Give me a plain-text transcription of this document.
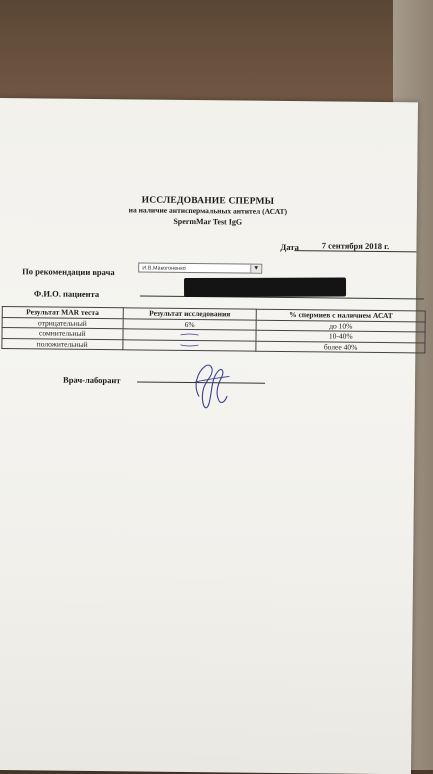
ИССЛЕДОВАНИЕ СПЕРМЫ
на наличие антиспермальных антител (АСАТ)
SpermMar Test IgG
Дата	7 сентября 2018 г.
По рекомендации врача	И.В.Макогоненко	▼
Ф.И.О. пациента
Результат MAR теста	Результат исследования	% спермиев с наличием АСАТ
отрицательный	6%	до 10%
сомнительный		10-40%
положительный		более 40%
Врач-лаборант
